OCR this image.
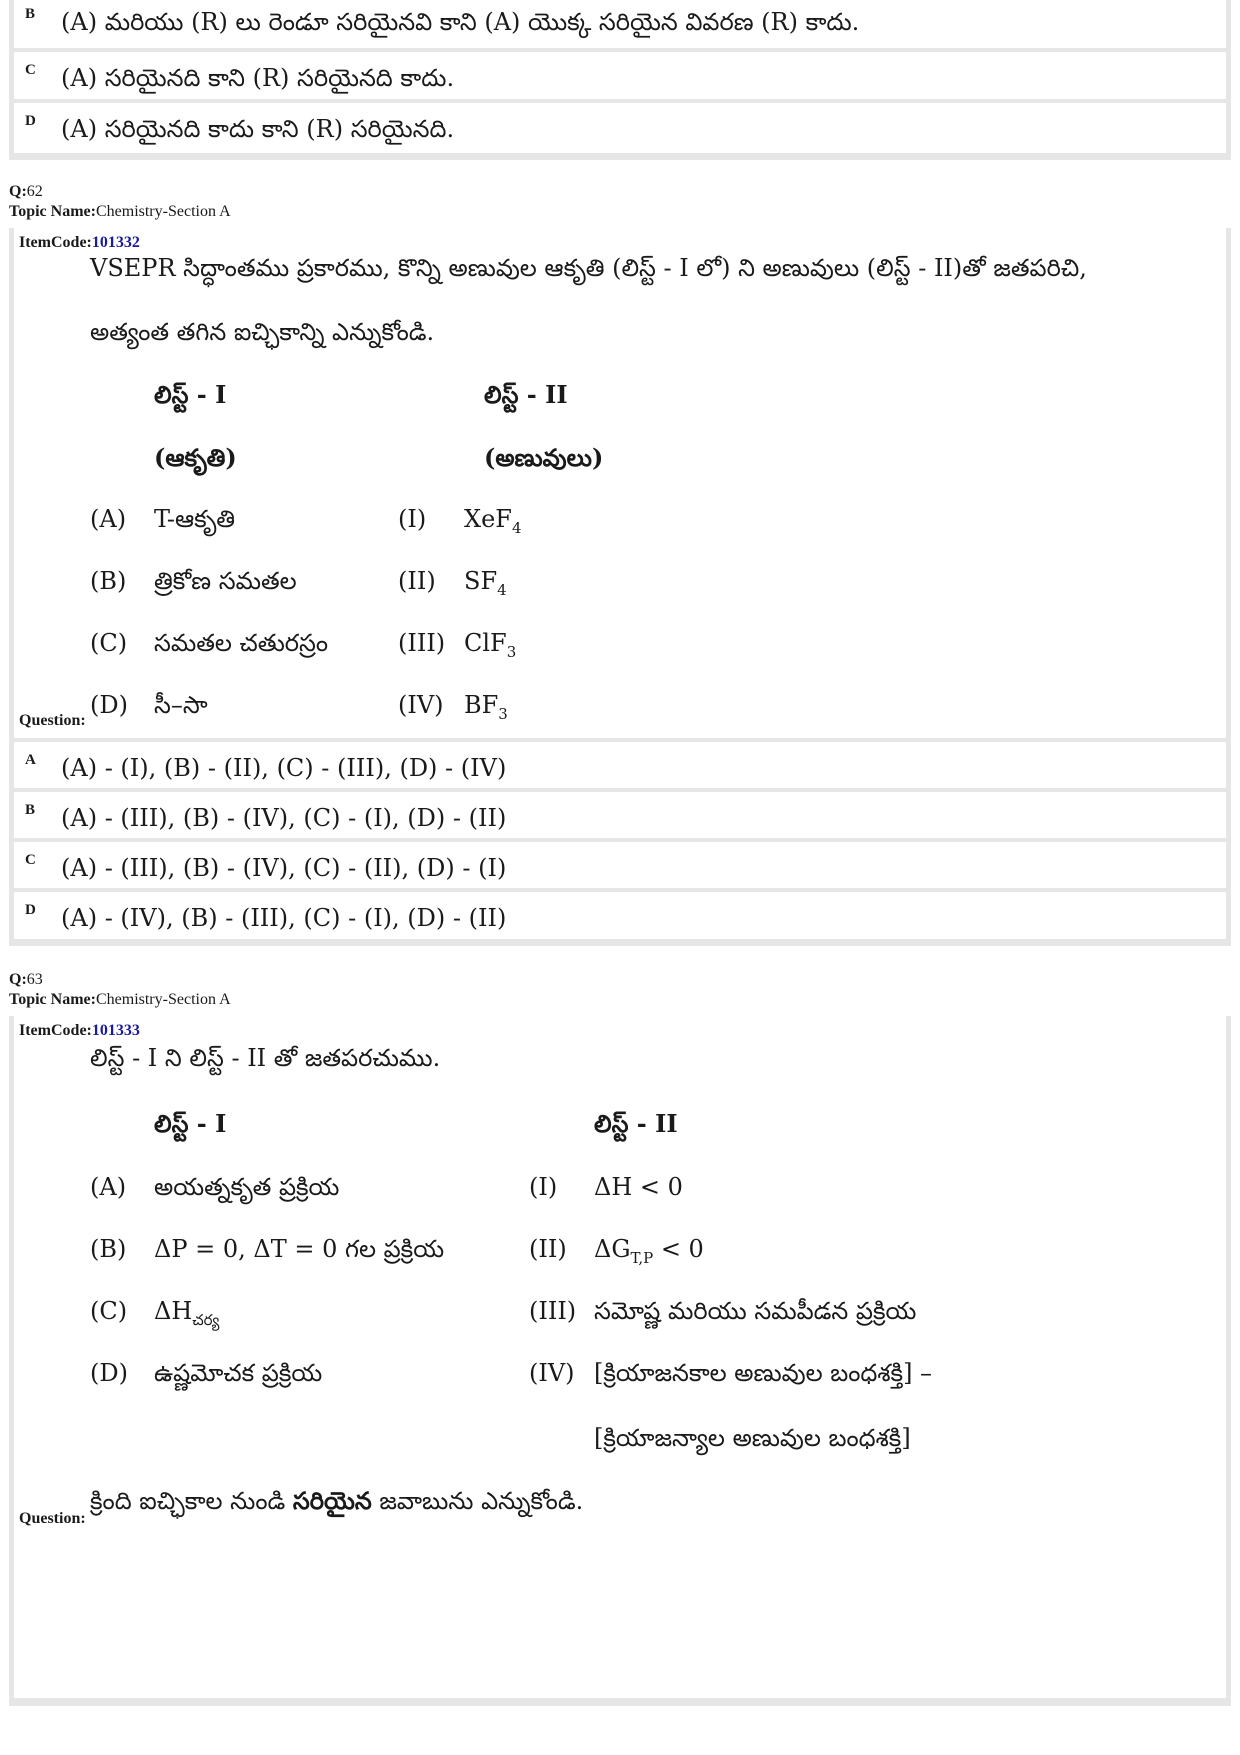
B (A) మరియు (R) లు రెండూ సరియైనవి కాని (A) యొక్క సరియైన వివరణ (R) కాదు.
C (A) సరియైనది కాని (R) సరియైనది కాదు.
D (A) సరియైనది కాదు కాని (R) సరియైనది.
Q:62
Topic Name:Chemistry-Section A
ItemCode:101332
VSEPR సిద్ధాంతము ప్రకారము, కొన్ని అణువుల ఆకృతి (లిస్ట్ - I లో) ని అణువులు (లిస్ట్ - II)తో జతపరిచి,
అత్యంత తగిన ఐచ్ఛికాన్ని ఎన్నుకోండి.
లిస్ట్ - I	లిస్ట్ - II
(ఆకృతి)	(అణువులు)
(A) T-ఆకృతి	(I) XeF$_4$
(B) త్రికోణ సమతల	(II) $SF_4$
(C) సమతల చతురస్రం	(III) ClF$_3$
(D) సీ–సా	(IV) $BF_3$
Question:
A (A) - (I), (B) - (II), (C) - (III), (D) - (IV)
B (A) - (III), (B) - (IV), (C) - (I), (D) - (II)
C (A) - (III), (B) - (IV), (C) - (II), (D) - (I)
D (A) - (IV), (B) - (III), (C) - (I), (D) - (II)
Q:63
Topic Name:Chemistry-Section A
ItemCode:101333
లిస్ట్ - I ని లిస్ట్ - II తో జతపరచుము.
లిస్ట్ - I	లిస్ట్ - II
(A) అయత్నకృత ప్రక్రియ	(I) ΔH < 0
(B) ΔP = 0, ΔT = 0 గల ప్రక్రియ	(II) $\Delta G_{T,P} < 0$
(C) $\Delta H_{చర్య}$	(III) సమోష్ణ మరియు సమపీడన ప్రక్రియ
(D) ఉష్ణమోచక ప్రక్రియ	(IV) [క్రియాజనకాల అణువుల బంధశక్తి] –
[క్రియాజన్యాల అణువుల బంధశక్తి]
క్రింది ఐచ్ఛికాల నుండి సరియైన జవాబును ఎన్నుకోండి.
Question:
